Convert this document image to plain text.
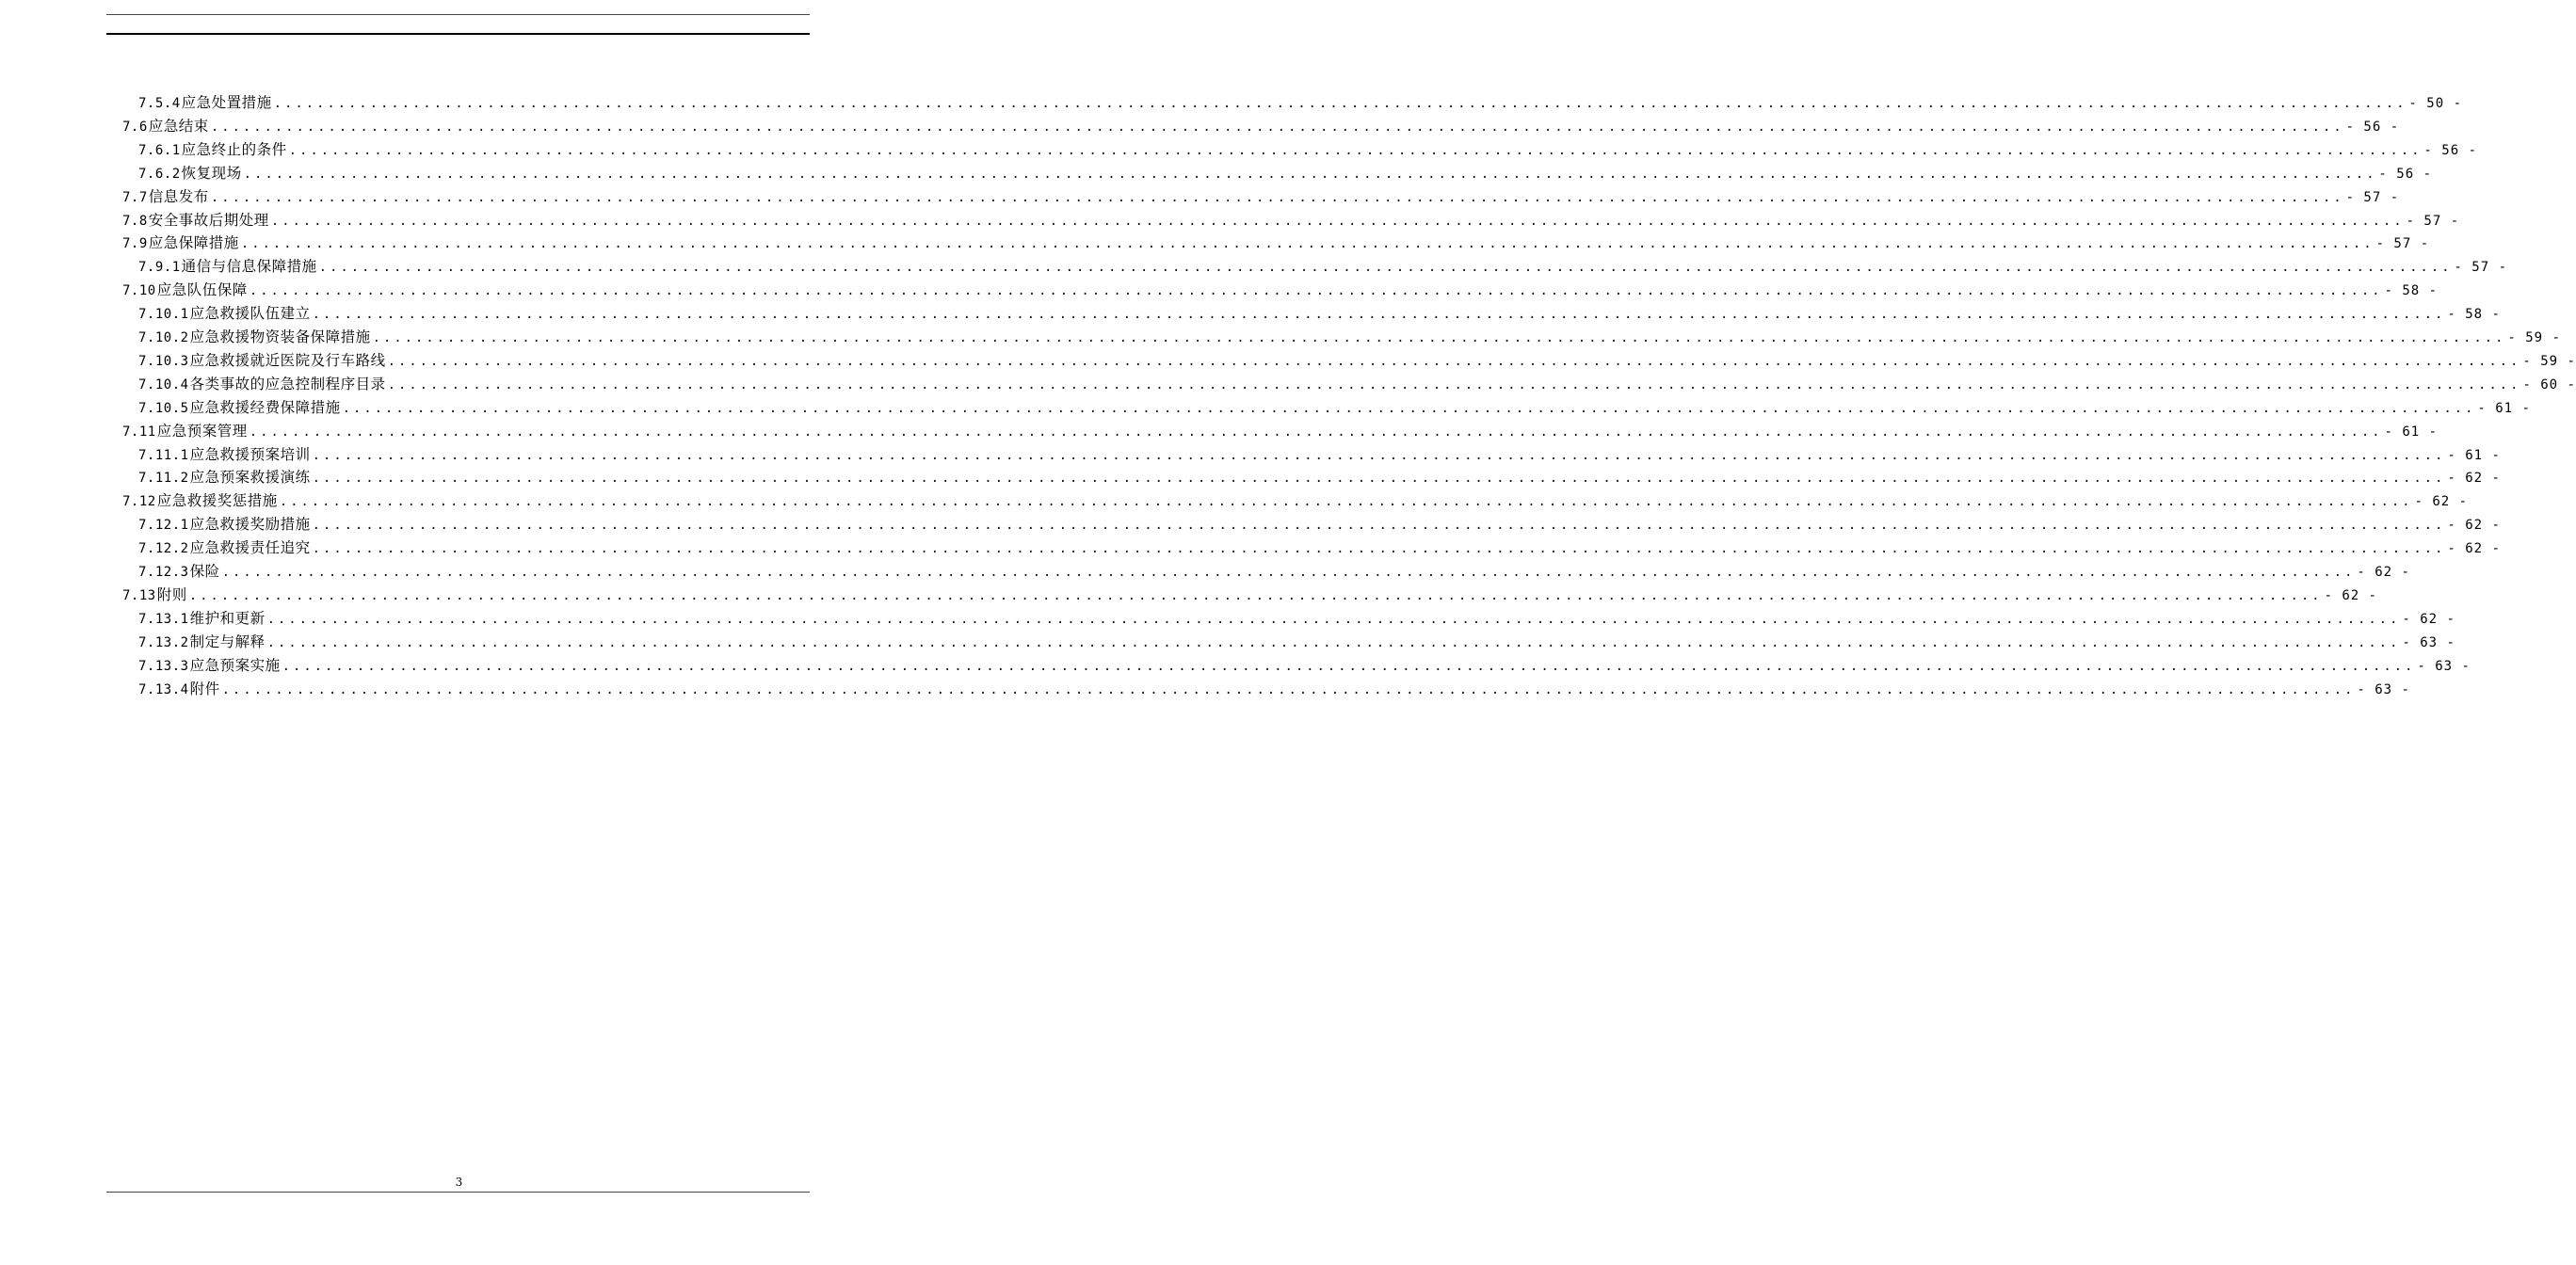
7.5.4 应急处置措施 ........................................................................................................................................................................................................ - 50 -
7.6 应急结束 ........................................................................................................................................................................................................ - 56 -
7.6.1 应急终止的条件 ........................................................................................................................................................................................................ - 56 -
7.6.2 恢复现场 ........................................................................................................................................................................................................ - 56 -
7.7 信息发布 ........................................................................................................................................................................................................ - 57 -
7.8 安全事故后期处理 ........................................................................................................................................................................................................ - 57 -
7.9 应急保障措施 ........................................................................................................................................................................................................ - 57 -
7.9.1 通信与信息保障措施 ........................................................................................................................................................................................................ - 57 -
7.10 应急队伍保障 ........................................................................................................................................................................................................ - 58 -
7.10.1 应急救援队伍建立 ........................................................................................................................................................................................................ - 58 -
7.10.2 应急救援物资装备保障措施 ........................................................................................................................................................................................................ - 59 -
7.10.3 应急救援就近医院及行车路线 ........................................................................................................................................................................................................ - 59 -
7.10.4 各类事故的应急控制程序目录 ........................................................................................................................................................................................................ - 60 -
7.10.5 应急救援经费保障措施 ........................................................................................................................................................................................................ - 61 -
7.11 应急预案管理 ........................................................................................................................................................................................................ - 61 -
7.11.1 应急救援预案培训 ........................................................................................................................................................................................................ - 61 -
7.11.2 应急预案救援演练 ........................................................................................................................................................................................................ - 62 -
7.12 应急救援奖惩措施 ........................................................................................................................................................................................................ - 62 -
7.12.1 应急救援奖励措施 ........................................................................................................................................................................................................ - 62 -
7.12.2 应急救援责任追究 ........................................................................................................................................................................................................ - 62 -
7.12.3 保险 ........................................................................................................................................................................................................ - 62 -
7.13 附则 ........................................................................................................................................................................................................ - 62 -
7.13.1 维护和更新 ........................................................................................................................................................................................................ - 62 -
7.13.2 制定与解释 ........................................................................................................................................................................................................ - 63 -
7.13.3 应急预案实施 ........................................................................................................................................................................................................ - 63 -
7.13.4 附件 ........................................................................................................................................................................................................ - 63 -
3
